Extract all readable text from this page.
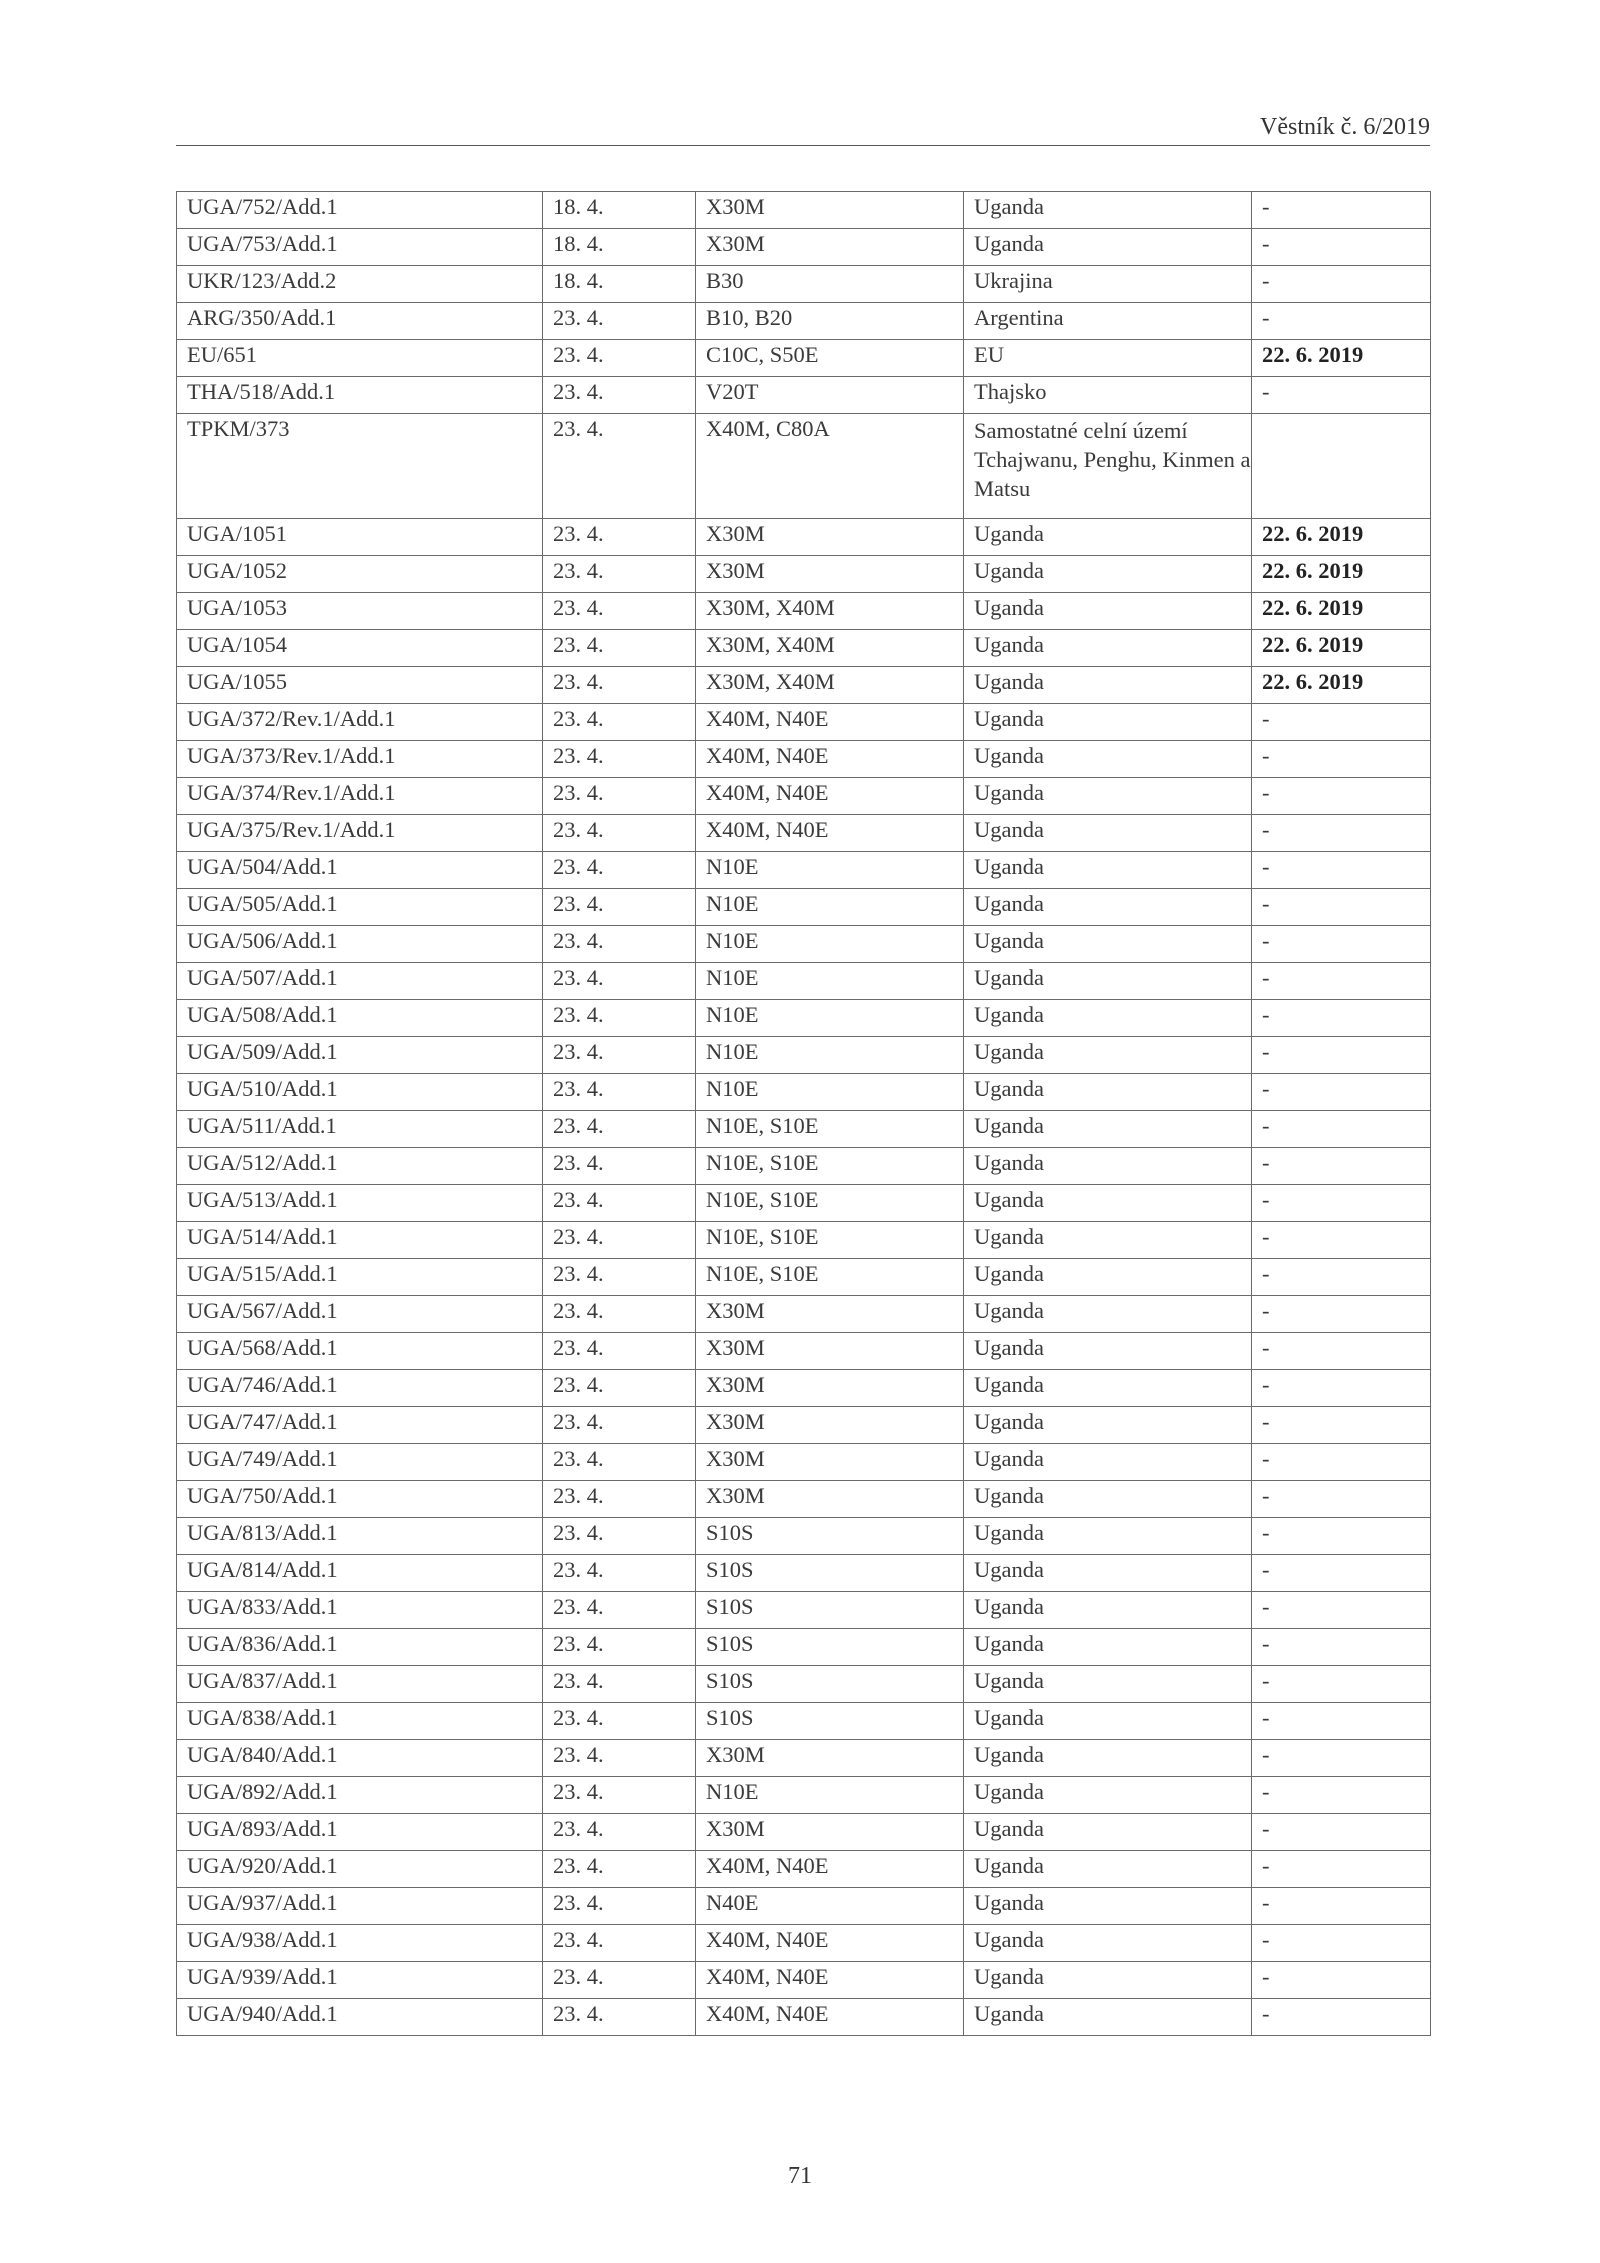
Věstník č. 6/2019
UGA/752/Add.1	18. 4.	X30M	Uganda	-
UGA/753/Add.1	18. 4.	X30M	Uganda	-
UKR/123/Add.2	18. 4.	B30	Ukrajina	-
ARG/350/Add.1	23. 4.	B10, B20	Argentina	-
EU/651	23. 4.	C10C, S50E	EU	22. 6. 2019
THA/518/Add.1	23. 4.	V20T	Thajsko	-
TPKM/373	23. 4.	X40M, C80A	Samostatné celní území Tchajwanu, Penghu, Kinmen a Matsu	
UGA/1051	23. 4.	X30M	Uganda	22. 6. 2019
UGA/1052	23. 4.	X30M	Uganda	22. 6. 2019
UGA/1053	23. 4.	X30M, X40M	Uganda	22. 6. 2019
UGA/1054	23. 4.	X30M, X40M	Uganda	22. 6. 2019
UGA/1055	23. 4.	X30M, X40M	Uganda	22. 6. 2019
UGA/372/Rev.1/Add.1	23. 4.	X40M, N40E	Uganda	-
UGA/373/Rev.1/Add.1	23. 4.	X40M, N40E	Uganda	-
UGA/374/Rev.1/Add.1	23. 4.	X40M, N40E	Uganda	-
UGA/375/Rev.1/Add.1	23. 4.	X40M, N40E	Uganda	-
UGA/504/Add.1	23. 4.	N10E	Uganda	-
UGA/505/Add.1	23. 4.	N10E	Uganda	-
UGA/506/Add.1	23. 4.	N10E	Uganda	-
UGA/507/Add.1	23. 4.	N10E	Uganda	-
UGA/508/Add.1	23. 4.	N10E	Uganda	-
UGA/509/Add.1	23. 4.	N10E	Uganda	-
UGA/510/Add.1	23. 4.	N10E	Uganda	-
UGA/511/Add.1	23. 4.	N10E, S10E	Uganda	-
UGA/512/Add.1	23. 4.	N10E, S10E	Uganda	-
UGA/513/Add.1	23. 4.	N10E, S10E	Uganda	-
UGA/514/Add.1	23. 4.	N10E, S10E	Uganda	-
UGA/515/Add.1	23. 4.	N10E, S10E	Uganda	-
UGA/567/Add.1	23. 4.	X30M	Uganda	-
UGA/568/Add.1	23. 4.	X30M	Uganda	-
UGA/746/Add.1	23. 4.	X30M	Uganda	-
UGA/747/Add.1	23. 4.	X30M	Uganda	-
UGA/749/Add.1	23. 4.	X30M	Uganda	-
UGA/750/Add.1	23. 4.	X30M	Uganda	-
UGA/813/Add.1	23. 4.	S10S	Uganda	-
UGA/814/Add.1	23. 4.	S10S	Uganda	-
UGA/833/Add.1	23. 4.	S10S	Uganda	-
UGA/836/Add.1	23. 4.	S10S	Uganda	-
UGA/837/Add.1	23. 4.	S10S	Uganda	-
UGA/838/Add.1	23. 4.	S10S	Uganda	-
UGA/840/Add.1	23. 4.	X30M	Uganda	-
UGA/892/Add.1	23. 4.	N10E	Uganda	-
UGA/893/Add.1	23. 4.	X30M	Uganda	-
UGA/920/Add.1	23. 4.	X40M, N40E	Uganda	-
UGA/937/Add.1	23. 4.	N40E	Uganda	-
UGA/938/Add.1	23. 4.	X40M, N40E	Uganda	-
UGA/939/Add.1	23. 4.	X40M, N40E	Uganda	-
UGA/940/Add.1	23. 4.	X40M, N40E	Uganda	-
71
